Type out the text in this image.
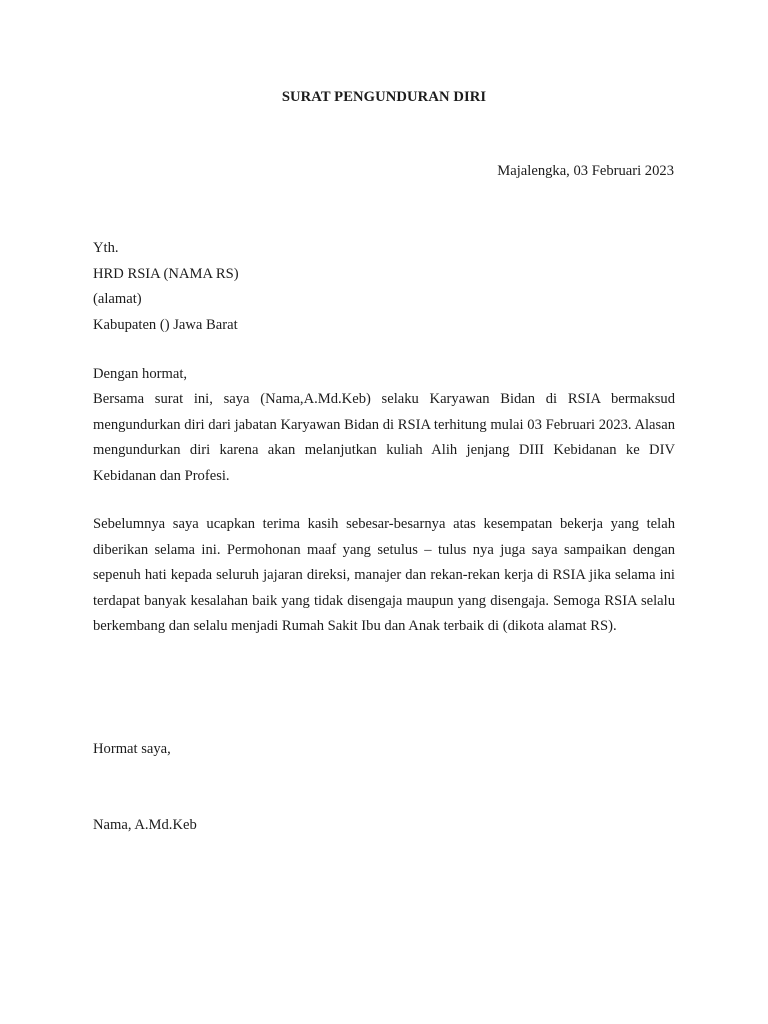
SURAT PENGUNDURAN DIRI
Majalengka, 03 Februari 2023
Yth.
HRD RSIA (NAMA RS)
(alamat)
Kabupaten () Jawa Barat
Dengan hormat,
Bersama surat ini, saya (Nama,A.Md.Keb) selaku Karyawan Bidan di RSIA bermaksud mengundurkan diri dari jabatan Karyawan Bidan di RSIA terhitung mulai 03 Februari 2023. Alasan mengundurkan diri karena akan melanjutkan kuliah Alih jenjang DIII Kebidanan ke DIV Kebidanan dan Profesi.
Sebelumnya saya ucapkan terima kasih sebesar-besarnya atas kesempatan bekerja yang telah diberikan selama ini. Permohonan maaf yang setulus – tulus nya juga saya sampaikan dengan sepenuh hati kepada seluruh jajaran direksi, manajer dan rekan-rekan kerja di RSIA jika selama ini terdapat banyak kesalahan baik yang tidak disengaja maupun yang disengaja. Semoga RSIA selalu berkembang dan selalu menjadi Rumah Sakit Ibu dan Anak terbaik di (dikota alamat RS).
Hormat saya,
Nama, A.Md.Keb
